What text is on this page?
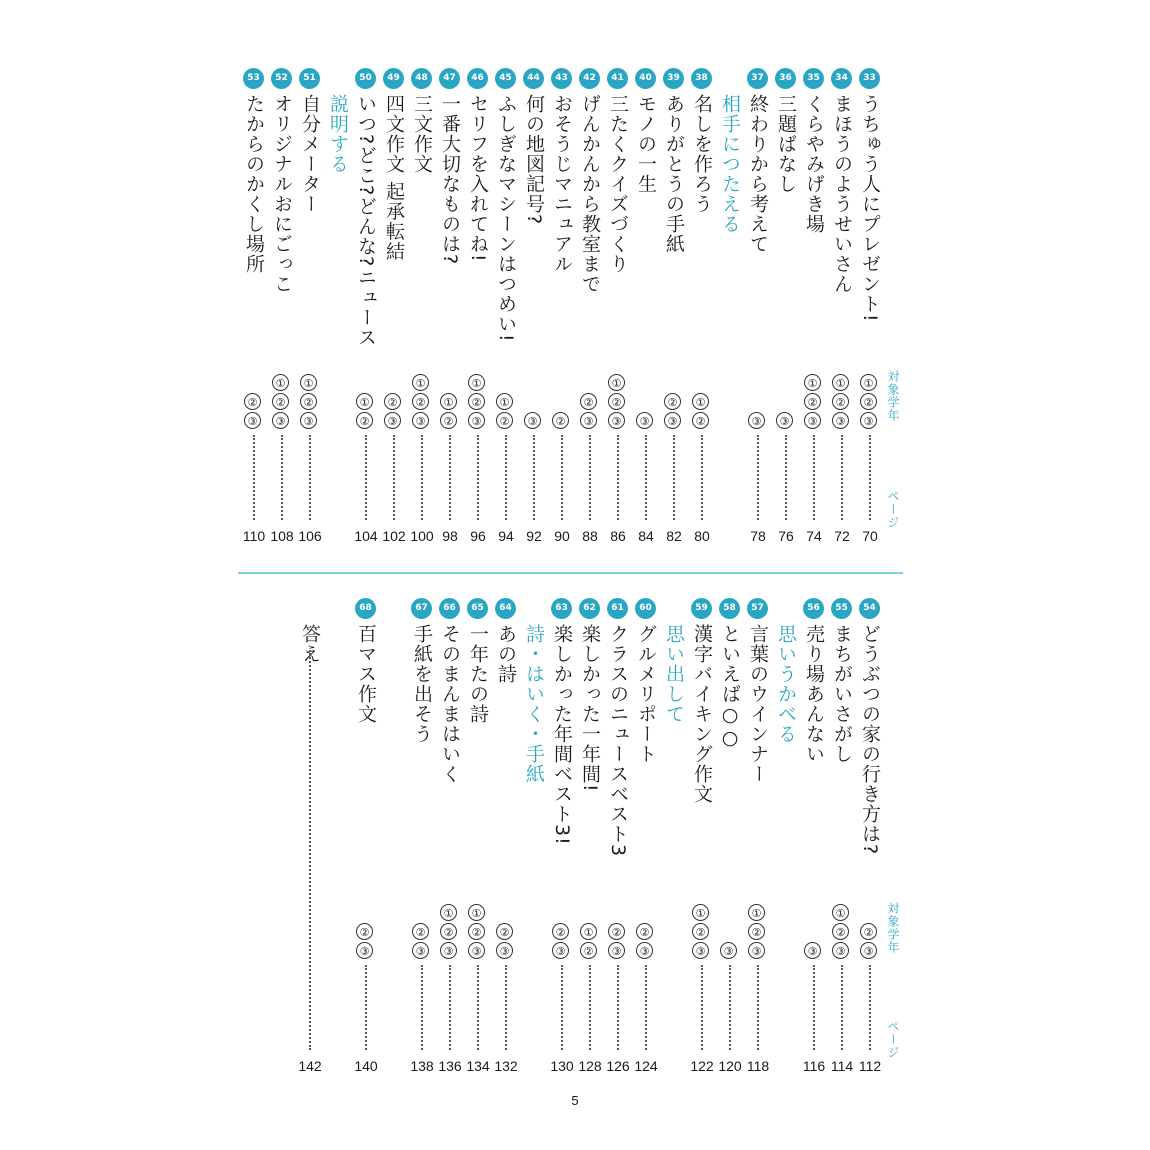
対象学年
ページ
33
うちゅう人にプレゼント!
①
②
③
70
34
まほうのようせいさん
①
②
③
72
35
くらやみげき場
①
②
③
74
36
三題ばなし
③
76
37
終わりから考えて
③
78
相手につたえる
38
名しを作ろう
①
②
80
39
ありがとうの手紙
②
③
82
40
モノの一生
③
84
41
三たくクイズづくり
①
②
③
86
42
げんかんから教室まで
②
③
88
43
おそうじマニュアル
②
90
44
何の地図記号?
③
92
45
ふしぎなマシーンはつめい!
①
②
94
46
セリフを入れてね!
①
②
③
96
47
一番大切なものは?
①
②
98
48
三文作文
①
②
③
100
49
四文作文 起承転結
②
③
102
50
いつ?どこ?どんな?ニュース
①
②
104
説明する
51
自分メーター
①
②
③
106
52
オリジナルおにごっこ
①
②
③
108
53
たからのかくし場所
②
③
110
対象学年
ページ
54
どうぶつの家の行き方は?
②
③
112
55
まちがいさがし
①
②
③
114
56
売り場あんない
③
116
思いうかべる
57
言葉のウインナー
①
②
③
118
58
といえば○○
③
120
59
漢字バイキング作文
①
②
③
122
思い出して
60
グルメリポート
②
③
124
61
クラスのニュースベスト3
②
③
126
62
楽しかった一年間!
①
②
128
63
楽しかった年間ベスト3!
②
③
130
詩・はいく・手紙
64
あの詩
②
③
132
65
一年たの詩
①
②
③
134
66
そのまんまはいく
①
②
③
136
67
手紙を出そう
②
③
138
68
百マス作文
②
③
140
答え
142
5
